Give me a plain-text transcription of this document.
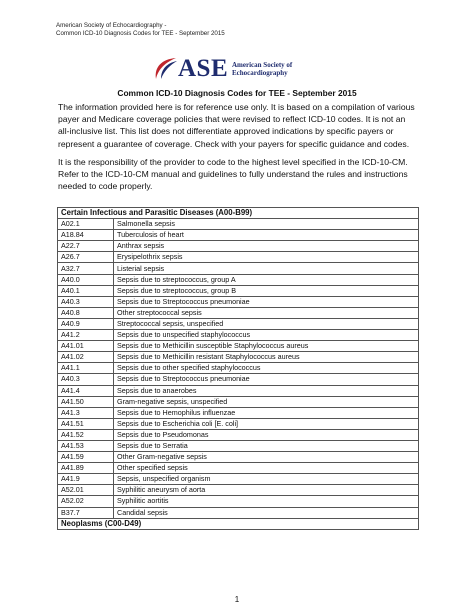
American Society of Echocardiography -
Common ICD-10 Diagnosis Codes for TEE - September 2015
ASE American Society of
Echocardiography
Common ICD-10 Diagnosis Codes for TEE - September 2015
The information provided here is for reference use only. It is based on a compilation of various payer and Medicare coverage policies that were revised to reflect ICD-10 codes. It is not an all-inclusive list. This list does not differentiate approved indications by specific payers or represent a guarantee of coverage. Check with your payers for specific guidance and codes.
It is the responsibility of the provider to code to the highest level specified in the ICD-10-CM. Refer to the ICD-10-CM manual and guidelines to fully understand the rules and instructions needed to code properly.
Certain Infectious and Parasitic Diseases (A00-B99)	
A02.1	Salmonella sepsis
A18.84	Tuberculosis of heart
A22.7	Anthrax sepsis
A26.7	Erysipelothrix sepsis
A32.7	Listerial sepsis
A40.0	Sepsis due to streptococcus, group A
A40.1	Sepsis due to streptococcus, group B
A40.3	Sepsis due to Streptococcus pneumoniae
A40.8	Other streptococcal sepsis
A40.9	Streptococcal sepsis, unspecified
A41.2	Sepsis due to unspecified staphylococcus
A41.01	Sepsis due to Methicillin susceptible Staphylococcus aureus
A41.02	Sepsis due to Methicillin resistant Staphylococcus aureus
A41.1	Sepsis due to other specified staphylococcus
A40.3	Sepsis due to Streptococcus pneumoniae
A41.4	Sepsis due to anaerobes
A41.50	Gram-negative sepsis, unspecified
A41.3	Sepsis due to Hemophilus influenzae
A41.51	Sepsis due to Escherichia coli [E. coli]
A41.52	Sepsis due to Pseudomonas
A41.53	Sepsis due to Serratia
A41.59	Other Gram-negative sepsis
A41.89	Other specified sepsis
A41.9	Sepsis, unspecified organism
A52.01	Syphilitic aneurysm of aorta
A52.02	Syphilitic aortitis
B37.7	Candidal sepsis
Neoplasms (C00-D49)	
1
